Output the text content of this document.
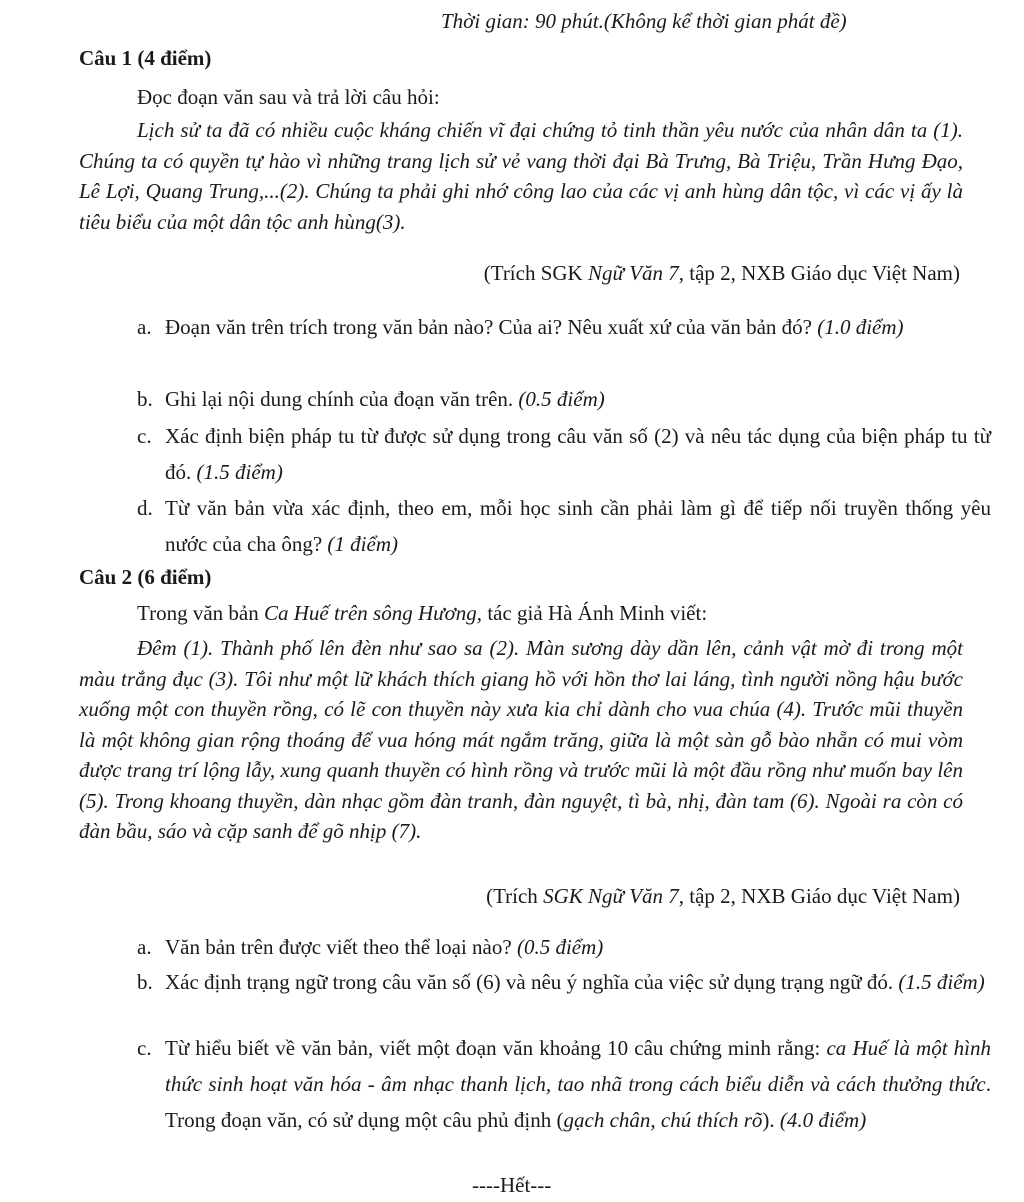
Thời gian: 90 phút.(Không kể thời gian phát đề)
Câu 1 (4 điểm)
Đọc đoạn văn sau và trả lời câu hỏi:
Lịch sử ta đã có nhiều cuộc kháng chiến vĩ đại chứng tỏ tinh thần yêu nước của nhân dân ta (1). Chúng ta có quyền tự hào vì những trang lịch sử vẻ vang thời đại Bà Trưng, Bà Triệu, Trần Hưng Đạo, Lê Lợi, Quang Trung,...(2). Chúng ta phải ghi nhớ công lao của các vị anh hùng dân tộc, vì các vị ấy là tiêu biểu của một dân tộc anh hùng(3).
(Trích SGK Ngữ Văn 7, tập 2, NXB Giáo dục Việt Nam)
a. Đoạn văn trên trích trong văn bản nào? Của ai? Nêu xuất xứ của văn bản đó? (1.0 điểm)
b. Ghi lại nội dung chính của đoạn văn trên. (0.5 điểm)
c. Xác định biện pháp tu từ được sử dụng trong câu văn số (2) và nêu tác dụng của biện pháp tu từ đó. (1.5 điểm)
d. Từ văn bản vừa xác định, theo em, mỗi học sinh cần phải làm gì để tiếp nối truyền thống yêu nước của cha ông? (1 điểm)
Câu 2 (6 điểm)
Trong văn bản Ca Huế trên sông Hương, tác giả Hà Ánh Minh viết:
Đêm (1). Thành phố lên đèn như sao sa (2). Màn sương dày dần lên, cảnh vật mờ đi trong một màu trắng đục (3). Tôi như một lữ khách thích giang hồ với hồn thơ lai láng, tình người nồng hậu bước xuống một con thuyền rồng, có lẽ con thuyền này xưa kia chỉ dành cho vua chúa (4). Trước mũi thuyền là một không gian rộng thoáng để vua hóng mát ngắm trăng, giữa là một sàn gỗ bào nhẵn có mui vòm được trang trí lộng lẫy, xung quanh thuyền có hình rồng và trước mũi là một đầu rồng như muốn bay lên (5). Trong khoang thuyền, dàn nhạc gồm đàn tranh, đàn nguyệt, tì bà, nhị, đàn tam (6). Ngoài ra còn có đàn bầu, sáo và cặp sanh để gõ nhịp (7).
(Trích SGK Ngữ Văn 7, tập 2, NXB Giáo dục Việt Nam)
a. Văn bản trên được viết theo thể loại nào? (0.5 điểm)
b. Xác định trạng ngữ trong câu văn số (6) và nêu ý nghĩa của việc sử dụng trạng ngữ đó. (1.5 điểm)
c. Từ hiểu biết về văn bản, viết một đoạn văn khoảng 10 câu chứng minh rằng: ca Huế là một hình thức sinh hoạt văn hóa - âm nhạc thanh lịch, tao nhã trong cách biểu diễn và cách thưởng thức. Trong đoạn văn, có sử dụng một câu phủ định (gạch chân, chú thích rõ). (4.0 điểm)
----Hết---
